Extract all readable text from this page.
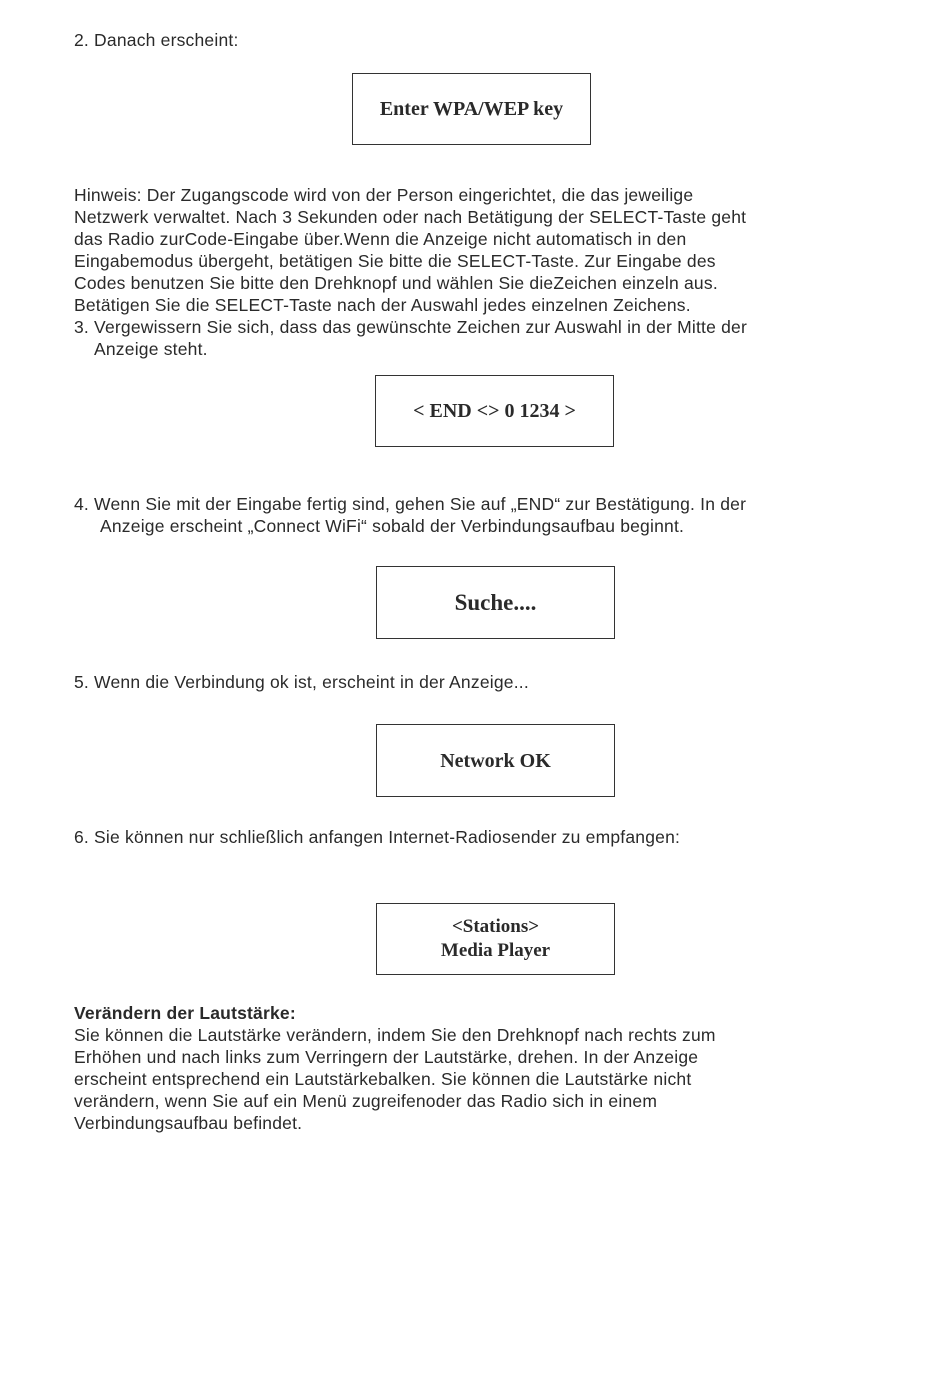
2. Danach erscheint:
Enter WPA/WEP key
Hinweis: Der Zugangscode wird von der Person eingerichtet, die das jeweilige
Netzwerk verwaltet. Nach 3 Sekunden oder nach Betätigung der SELECT-Taste geht
das Radio zurCode-Eingabe über.Wenn die Anzeige nicht automatisch in den
Eingabemodus übergeht, betätigen Sie bitte die SELECT-Taste. Zur Eingabe des
Codes benutzen Sie bitte den Drehknopf und wählen Sie dieZeichen einzeln aus.
Betätigen Sie die SELECT-Taste nach der Auswahl jedes einzelnen Zeichens.
3. Vergewissern Sie sich, dass das gewünschte Zeichen zur Auswahl in der Mitte der
Anzeige steht.
< END <> 0 1234 >
4. Wenn Sie mit der Eingabe fertig sind, gehen Sie auf „END“ zur Bestätigung. In der
Anzeige erscheint „Connect WiFi“ sobald der Verbindungsaufbau beginnt.
Suche....
5. Wenn die Verbindung ok ist, erscheint in der Anzeige...
Network OK
6. Sie können nur schließlich anfangen Internet-Radiosender zu empfangen:
<Stations>
Media Player
Verändern der Lautstärke:
Sie können die Lautstärke verändern, indem Sie den Drehknopf nach rechts zum
Erhöhen und nach links zum Verringern der Lautstärke, drehen. In der Anzeige
erscheint entsprechend ein Lautstärkebalken. Sie können die Lautstärke nicht
verändern, wenn Sie auf ein Menü zugreifenoder das Radio sich in einem
Verbindungsaufbau befindet.
